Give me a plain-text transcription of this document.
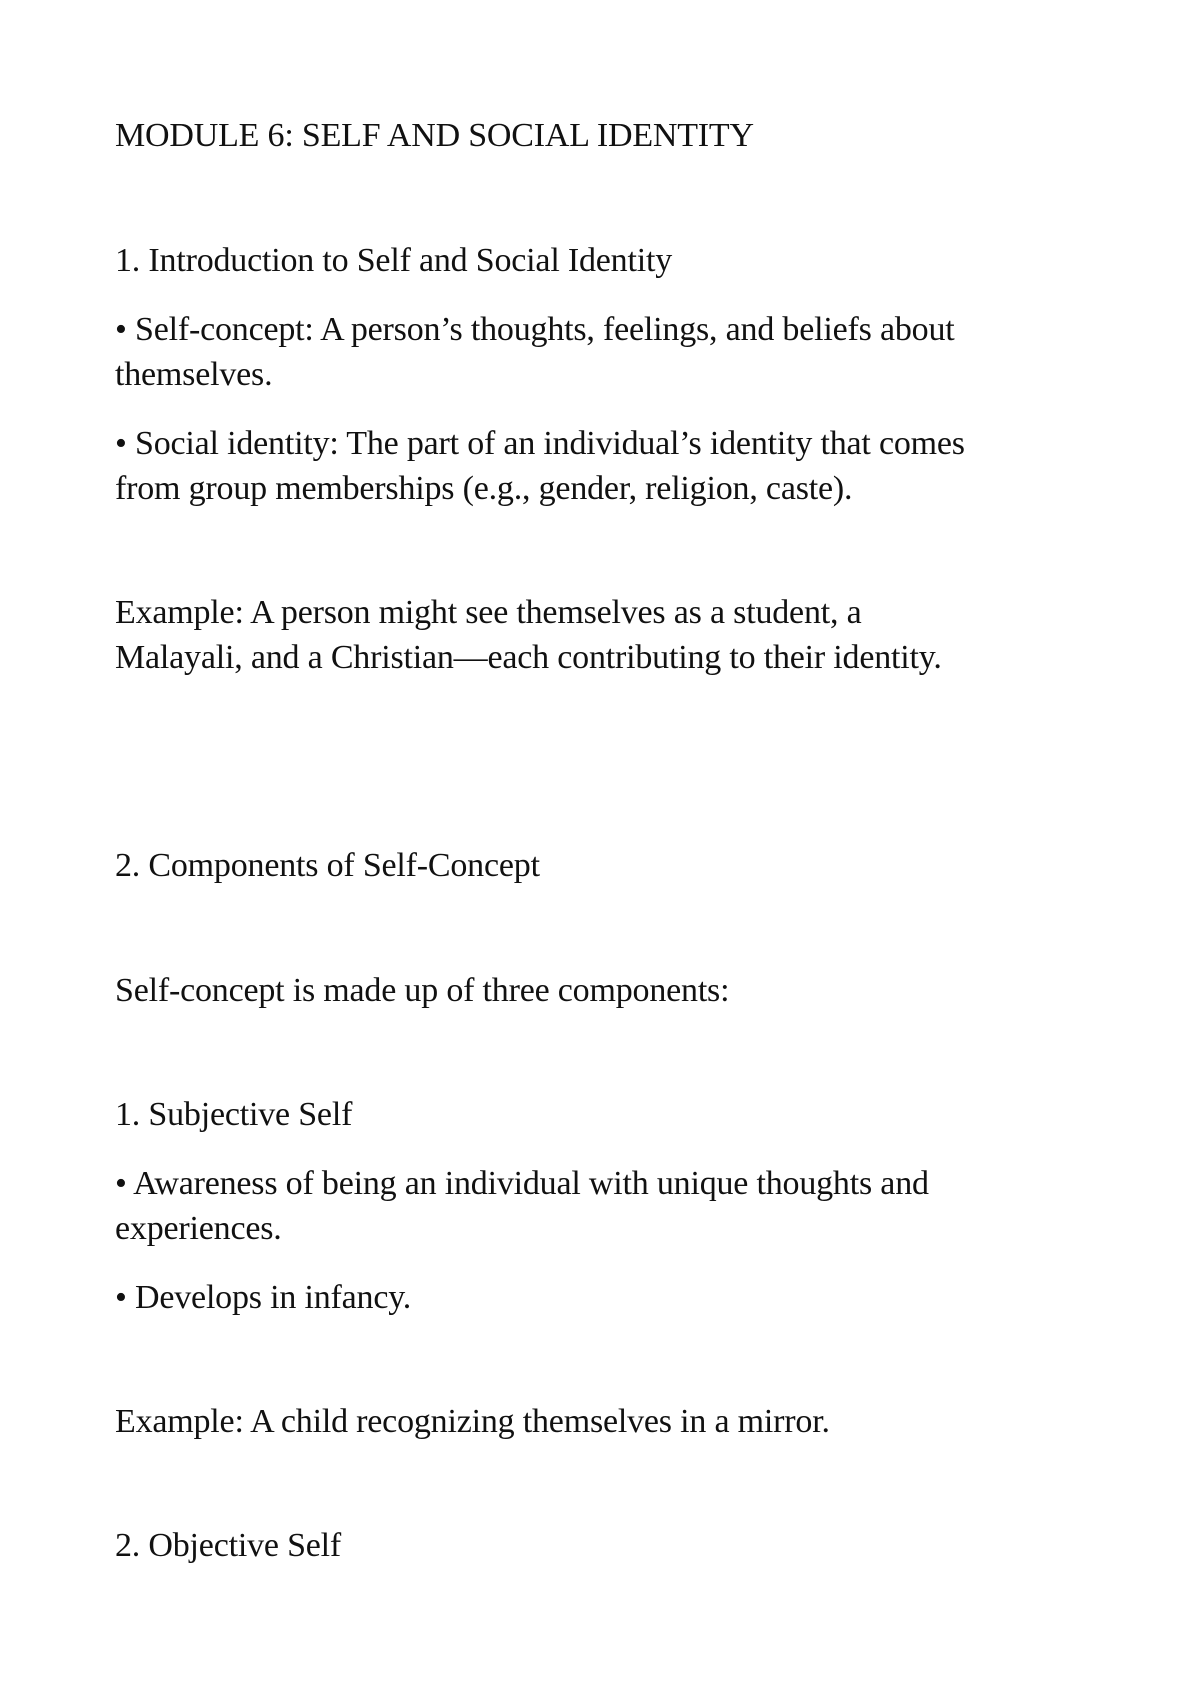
MODULE 6: SELF AND SOCIAL IDENTITY
1. Introduction to Self and Social Identity
• Self-concept: A person’s thoughts, feelings, and beliefs about
themselves.
• Social identity: The part of an individual’s identity that comes
from group memberships (e.g., gender, religion, caste).
Example: A person might see themselves as a student, a
Malayali, and a Christian—each contributing to their identity.
2. Components of Self-Concept
Self-concept is made up of three components:
1. Subjective Self
• Awareness of being an individual with unique thoughts and
experiences.
• Develops in infancy.
Example: A child recognizing themselves in a mirror.
2. Objective Self
